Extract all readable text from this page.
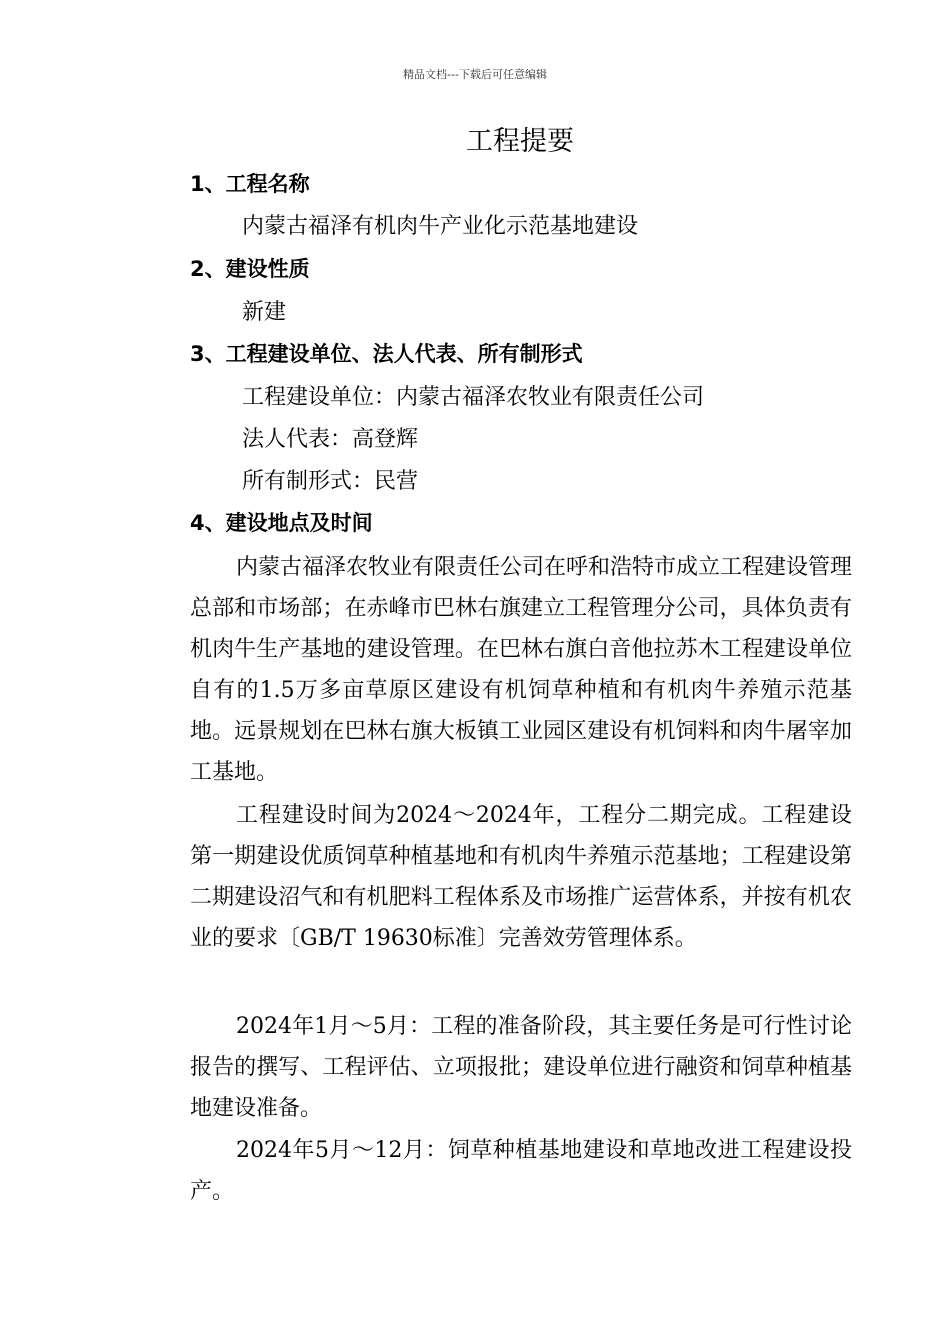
精品文档---下载后可任意编辑
工程提要
1、工程名称
内蒙古福泽有机肉牛产业化示范基地建设
2、建设性质
新建
3、工程建设单位、法人代表、所有制形式
工程建设单位：内蒙古福泽农牧业有限责任公司
法人代表：高登辉
所有制形式：民营
4、建设地点及时间

内蒙古福泽农牧业有限责任公司在呼和浩特市成立工程建设管理总部和市场部；在赤峰市巴林右旗建立工程管理分公司，具体负责有机肉牛生产基地的建设管理。在巴林右旗白音他拉苏木工程建设单位自有的1.5万多亩草原区建设有机饲草种植和有机肉牛养殖示范基地。远景规划在巴林右旗大板镇工业园区建设有机饲料和肉牛屠宰加工基地。

工程建设时间为2024～2024年，工程分二期完成。工程建设第一期建设优质饲草种植基地和有机肉牛养殖示范基地；工程建设第二期建设沼气和有机肥料工程体系及市场推广运营体系，并按有机农业的要求〔GB/T 19630标准〕完善效劳管理体系。

2024年1月～5月：工程的准备阶段，其主要任务是可行性讨论报告的撰写、工程评估、立项报批；建设单位进行融资和饲草种植基地建设准备。

2024年5月～12月：饲草种植基地建设和草地改进工程建设投产。
